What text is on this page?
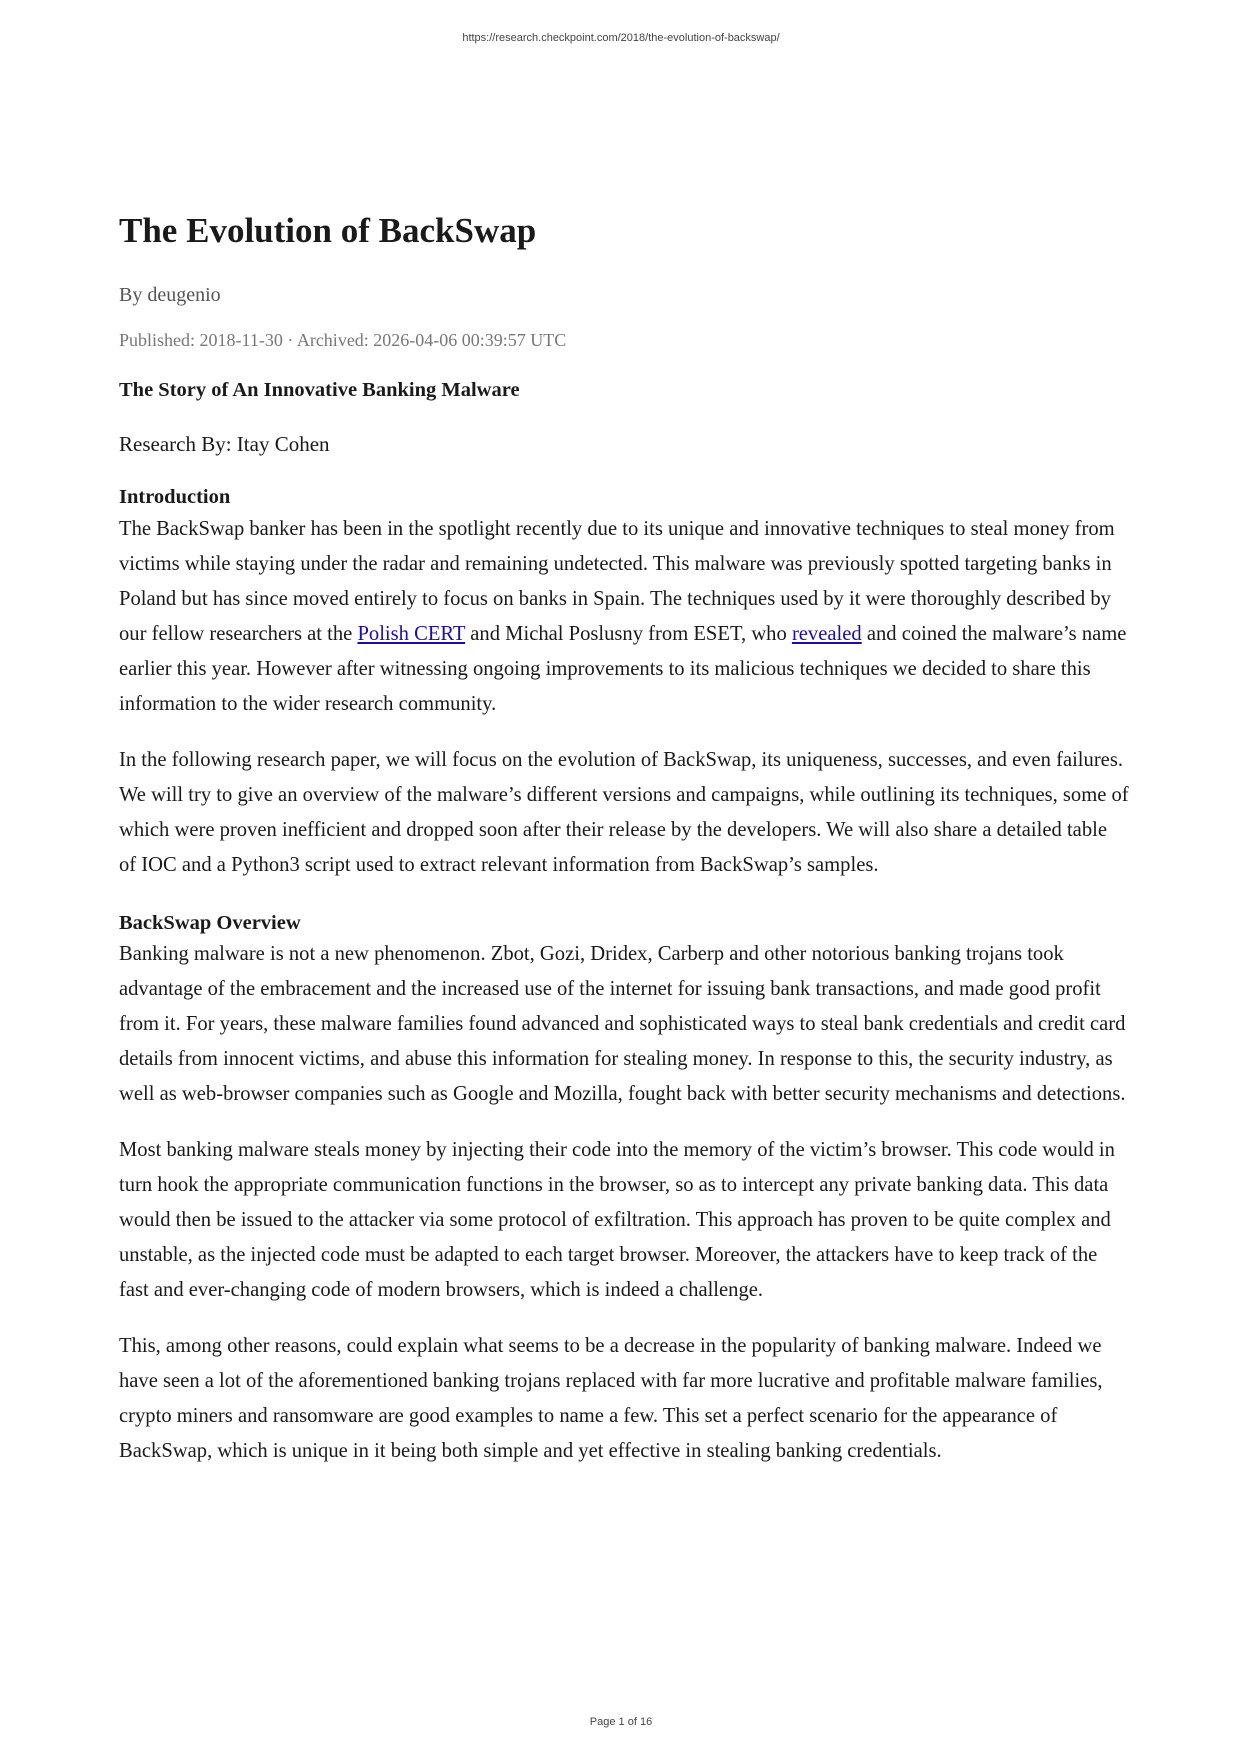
https://research.checkpoint.com/2018/the-evolution-of-backswap/
The Evolution of BackSwap
By deugenio
Published: 2018-11-30 · Archived: 2026-04-06 00:39:57 UTC
The Story of An Innovative Banking Malware
Research By: Itay Cohen
Introduction

The BackSwap banker has been in the spotlight recently due to its unique and innovative techniques to steal money from victims while staying under the radar and remaining undetected. This malware was previously spotted targeting banks in Poland but has since moved entirely to focus on banks in Spain. The techniques used by it were thoroughly described by our fellow researchers at the Polish CERT and Michal Poslusny from ESET, who revealed and coined the malware’s name earlier this year. However after witnessing ongoing improvements to its malicious techniques we decided to share this information to the wider research community.

In the following research paper, we will focus on the evolution of BackSwap, its uniqueness, successes, and even failures. We will try to give an overview of the malware’s different versions and campaigns, while outlining its techniques, some of which were proven inefficient and dropped soon after their release by the developers. We will also share a detailed table of IOC and a Python3 script used to extract relevant information from BackSwap’s samples.

BackSwap Overview

Banking malware is not a new phenomenon. Zbot, Gozi, Dridex, Carberp and other notorious banking trojans took advantage of the embracement and the increased use of the internet for issuing bank transactions, and made good profit from it. For years, these malware families found advanced and sophisticated ways to steal bank credentials and credit card details from innocent victims, and abuse this information for stealing money. In response to this, the security industry, as well as web-browser companies such as Google and Mozilla, fought back with better security mechanisms and detections.

Most banking malware steals money by injecting their code into the memory of the victim’s browser. This code would in turn hook the appropriate communication functions in the browser, so as to intercept any private banking data. This data would then be issued to the attacker via some protocol of exfiltration. This approach has proven to be quite complex and unstable, as the injected code must be adapted to each target browser. Moreover, the attackers have to keep track of the fast and ever-changing code of modern browsers, which is indeed a challenge.

This, among other reasons, could explain what seems to be a decrease in the popularity of banking malware. Indeed we have seen a lot of the aforementioned banking trojans replaced with far more lucrative and profitable malware families, crypto miners and ransomware are good examples to name a few. This set a perfect scenario for the appearance of BackSwap, which is unique in it being both simple and yet effective in stealing banking credentials.

Page 1 of 16
